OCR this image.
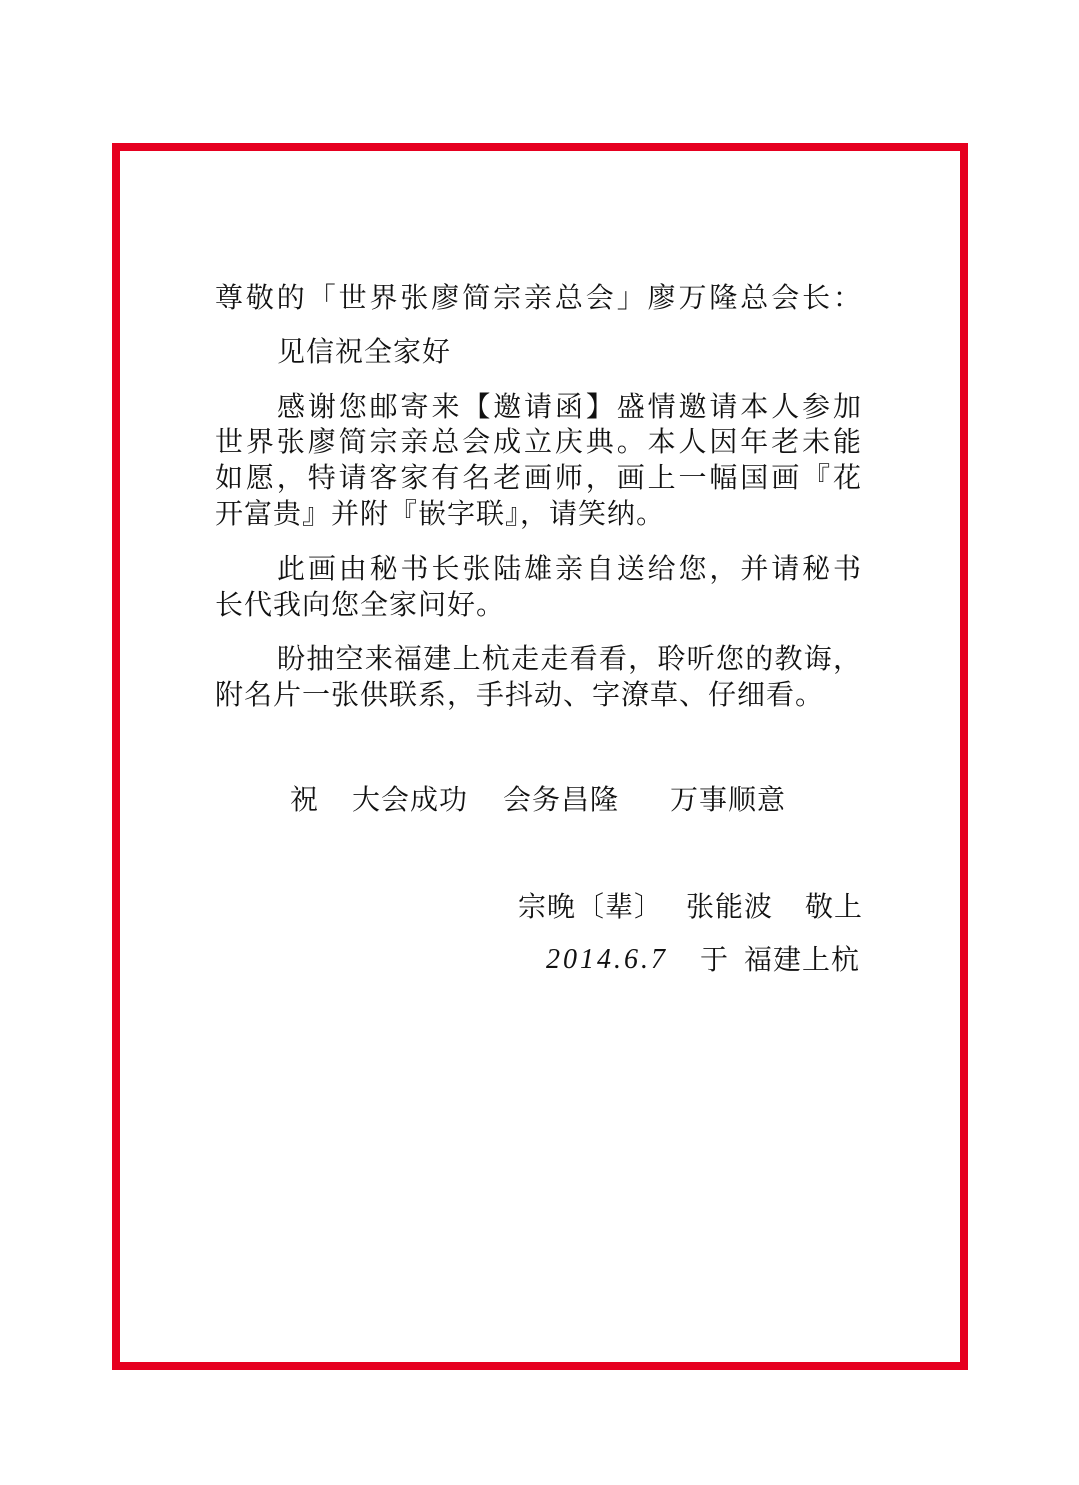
尊敬的「世界张廖简宗亲总会」廖万隆总会长：
见信祝全家好
感谢您邮寄来【邀请函】盛情邀请本人参加
世界张廖简宗亲总会成立庆典。本人因年老未能
如愿，特请客家有名老画师，画上一幅国画『花
开富贵』并附『嵌字联』，请笑纳。
此画由秘书长张陆雄亲自送给您，并请秘书
长代我向您全家问好。
盼抽空来福建上杭走走看看，聆听您的教诲，
附名片一张供联系，手抖动、字潦草、仔细看。
祝 大会成功 会务昌隆 万事顺意
宗晚〔辈〕 张能波 敬上
2014.6.7 于 福建上杭
